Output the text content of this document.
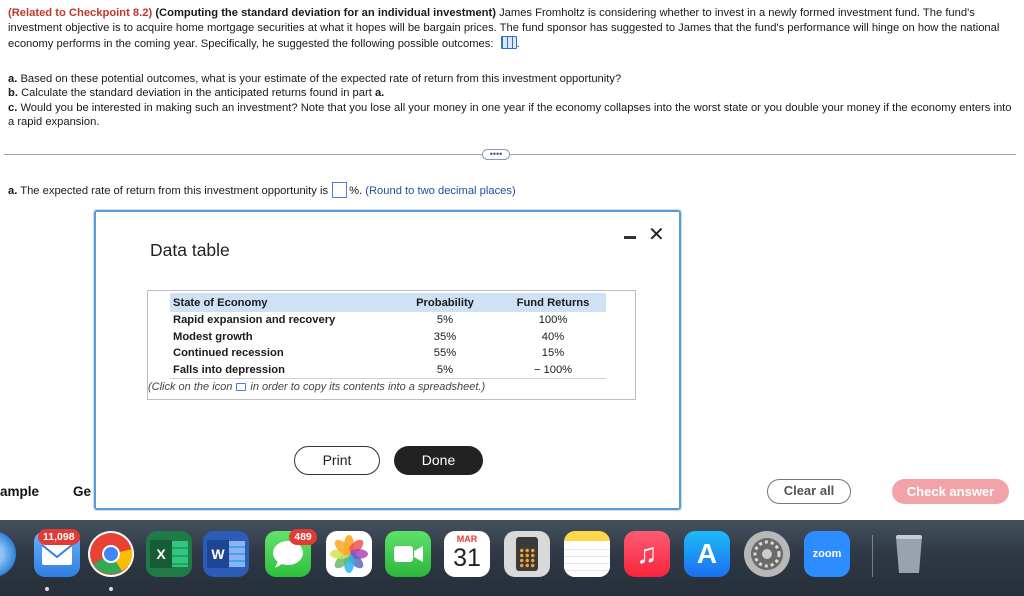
(Related to Checkpoint 8.2) (Computing the standard deviation for an individual investment) James Fromholtz is considering whether to invest in a newly formed investment fund. The fund's investment objective is to acquire home mortgage securities at what it hopes will be bargain prices. The fund sponsor has suggested to James that the fund's performance will hinge on how the national economy performs in the coming year. Specifically, he suggested the following possible outcomes: .
a. Based on these potential outcomes, what is your estimate of the expected rate of return from this investment opportunity?
b. Calculate the standard deviation in the anticipated returns found in part a.
c. Would you be interested in making such an investment? Note that you lose all your money in one year if the economy collapses into the worst state or you double your money if the economy enters into a rapid expansion.
••••
a. The expected rate of return from this investment opportunity is %. (Round to two decimal places)
ample	Ge	Clear all	Check answer
Data table
✕
State of Economy	Probability	Fund Returns
Rapid expansion and recovery	5%	100%
Modest growth	35%	40%
Continued recession	55%	15%
Falls into depression	5%	− 100%
(Click on the icon in order to copy its contents into a spreadsheet.)
Print	Done
11,098
X	W
489	MAR
31	♫	A	zoom
